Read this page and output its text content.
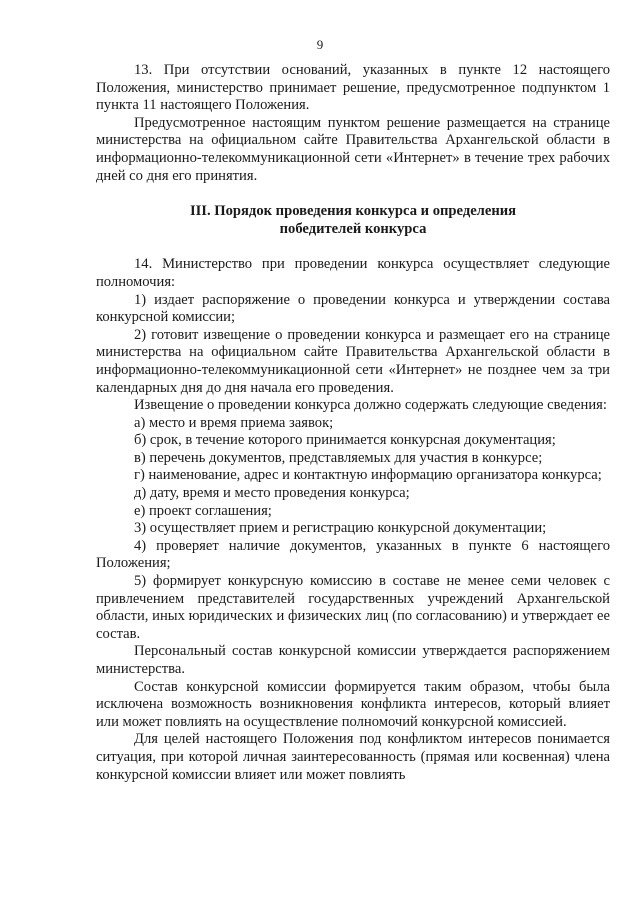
9

13. При отсутствии оснований, указанных в пункте 12 настоящего Положения, министерство принимает решение, предусмотренное подпунктом 1 пункта 11 настоящего Положения.

Предусмотренное настоящим пунктом решение размещается на странице министерства на официальном сайте Правительства Архангельской области в информационно-телекоммуникационной сети «Интернет» в течение трех рабочих дней со дня его принятия.

III. Порядок проведения конкурса и определения
победителей конкурса

14. Министерство при проведении конкурса осуществляет следующие полномочия:

1) издает распоряжение о проведении конкурса и утверждении состава конкурсной комиссии;

2) готовит извещение о проведении конкурса и размещает его на странице министерства на официальном сайте Правительства Архангельской области в информационно-телекоммуникационной сети «Интернет» не позднее чем за три календарных дня до дня начала его проведения.

Извещение о проведении конкурса должно содержать следующие сведения:

а) место и время приема заявок;

б) срок, в течение которого принимается конкурсная документация;

в) перечень документов, представляемых для участия в конкурсе;

г) наименование, адрес и контактную информацию организатора конкурса;

д) дату, время и место проведения конкурса;

е) проект соглашения;

3) осуществляет прием и регистрацию конкурсной документации;

4) проверяет наличие документов, указанных в пункте 6 настоящего Положения;

5) формирует конкурсную комиссию в составе не менее семи человек с привлечением представителей государственных учреждений Архангельской области, иных юридических и физических лиц (по согласованию) и утверждает ее состав.

Персональный состав конкурсной комиссии утверждается распоряжением министерства.

Состав конкурсной комиссии формируется таким образом, чтобы была исключена возможность возникновения конфликта интересов, который влияет или может повлиять на осуществление полномочий конкурсной комиссией.

Для целей настоящего Положения под конфликтом интересов понимается ситуация, при которой личная заинтересованность (прямая или косвенная) члена конкурсной комиссии влияет или может повлиять
